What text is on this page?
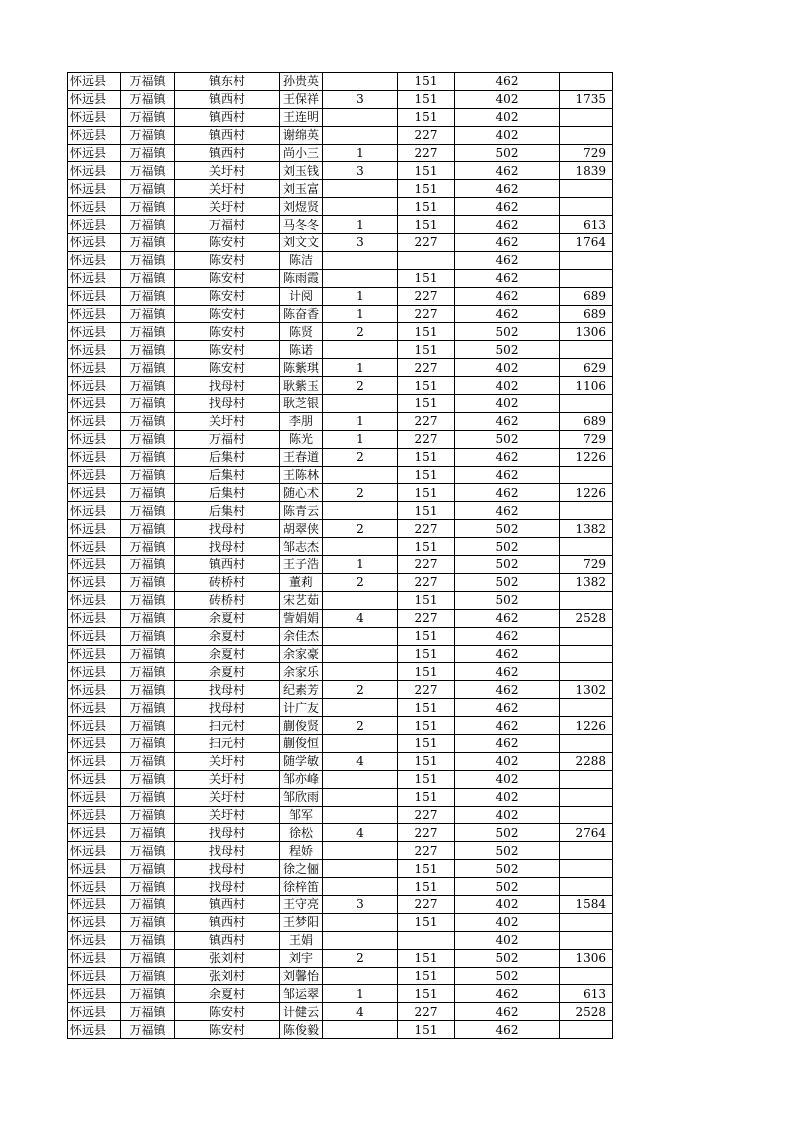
怀远县	万福镇	镇东村	孙贵英		151	462	
怀远县	万福镇	镇西村	王保祥	3	151	402	1735
怀远县	万福镇	镇西村	王连明		151	402	
怀远县	万福镇	镇西村	谢绵英		227	402	
怀远县	万福镇	镇西村	尚小三	1	227	502	729
怀远县	万福镇	关圩村	刘玉钱	3	151	462	1839
怀远县	万福镇	关圩村	刘玉富		151	462	
怀远县	万福镇	关圩村	刘煜贤		151	462	
怀远县	万福镇	万福村	马冬冬	1	151	462	613
怀远县	万福镇	陈安村	刘文文	3	227	462	1764
怀远县	万福镇	陈安村	陈洁			462	
怀远县	万福镇	陈安村	陈雨霞		151	462	
怀远县	万福镇	陈安村	计阅	1	227	462	689
怀远县	万福镇	陈安村	陈奋香	1	227	462	689
怀远县	万福镇	陈安村	陈贤	2	151	502	1306
怀远县	万福镇	陈安村	陈诺		151	502	
怀远县	万福镇	陈安村	陈紫琪	1	227	402	629
怀远县	万福镇	找母村	耿紫玉	2	151	402	1106
怀远县	万福镇	找母村	耿芝银		151	402	
怀远县	万福镇	关圩村	李朋	1	227	462	689
怀远县	万福镇	万福村	陈光	1	227	502	729
怀远县	万福镇	后集村	王春道	2	151	462	1226
怀远县	万福镇	后集村	王陈林		151	462	
怀远县	万福镇	后集村	随心术	2	151	462	1226
怀远县	万福镇	后集村	陈青云		151	462	
怀远县	万福镇	找母村	胡翠侠	2	227	502	1382
怀远县	万福镇	找母村	邹志杰		151	502	
怀远县	万福镇	镇西村	王子浩	1	227	502	729
怀远县	万福镇	砖桥村	董莉	2	227	502	1382
怀远县	万福镇	砖桥村	宋艺茹		151	502	
怀远县	万福镇	余夏村	訾娟娟	4	227	462	2528
怀远县	万福镇	余夏村	余佳杰		151	462	
怀远县	万福镇	余夏村	余家豪		151	462	
怀远县	万福镇	余夏村	余家乐		151	462	
怀远县	万福镇	找母村	纪素芳	2	227	462	1302
怀远县	万福镇	找母村	计广友		151	462	
怀远县	万福镇	扫元村	蒯俊贤	2	151	462	1226
怀远县	万福镇	扫元村	蒯俊恒		151	462	
怀远县	万福镇	关圩村	随学敏	4	151	402	2288
怀远县	万福镇	关圩村	邹亦峰		151	402	
怀远县	万福镇	关圩村	邹欣雨		151	402	
怀远县	万福镇	关圩村	邹军		227	402	
怀远县	万福镇	找母村	徐松	4	227	502	2764
怀远县	万福镇	找母村	程娇		227	502	
怀远县	万福镇	找母村	徐之俪		151	502	
怀远县	万福镇	找母村	徐梓笛		151	502	
怀远县	万福镇	镇西村	王守亮	3	227	402	1584
怀远县	万福镇	镇西村	王梦阳		151	402	
怀远县	万福镇	镇西村	王娟			402	
怀远县	万福镇	张刘村	刘宇	2	151	502	1306
怀远县	万福镇	张刘村	刘馨怡		151	502	
怀远县	万福镇	余夏村	邹运翠	1	151	462	613
怀远县	万福镇	陈安村	计健云	4	227	462	2528
怀远县	万福镇	陈安村	陈俊毅		151	462	
